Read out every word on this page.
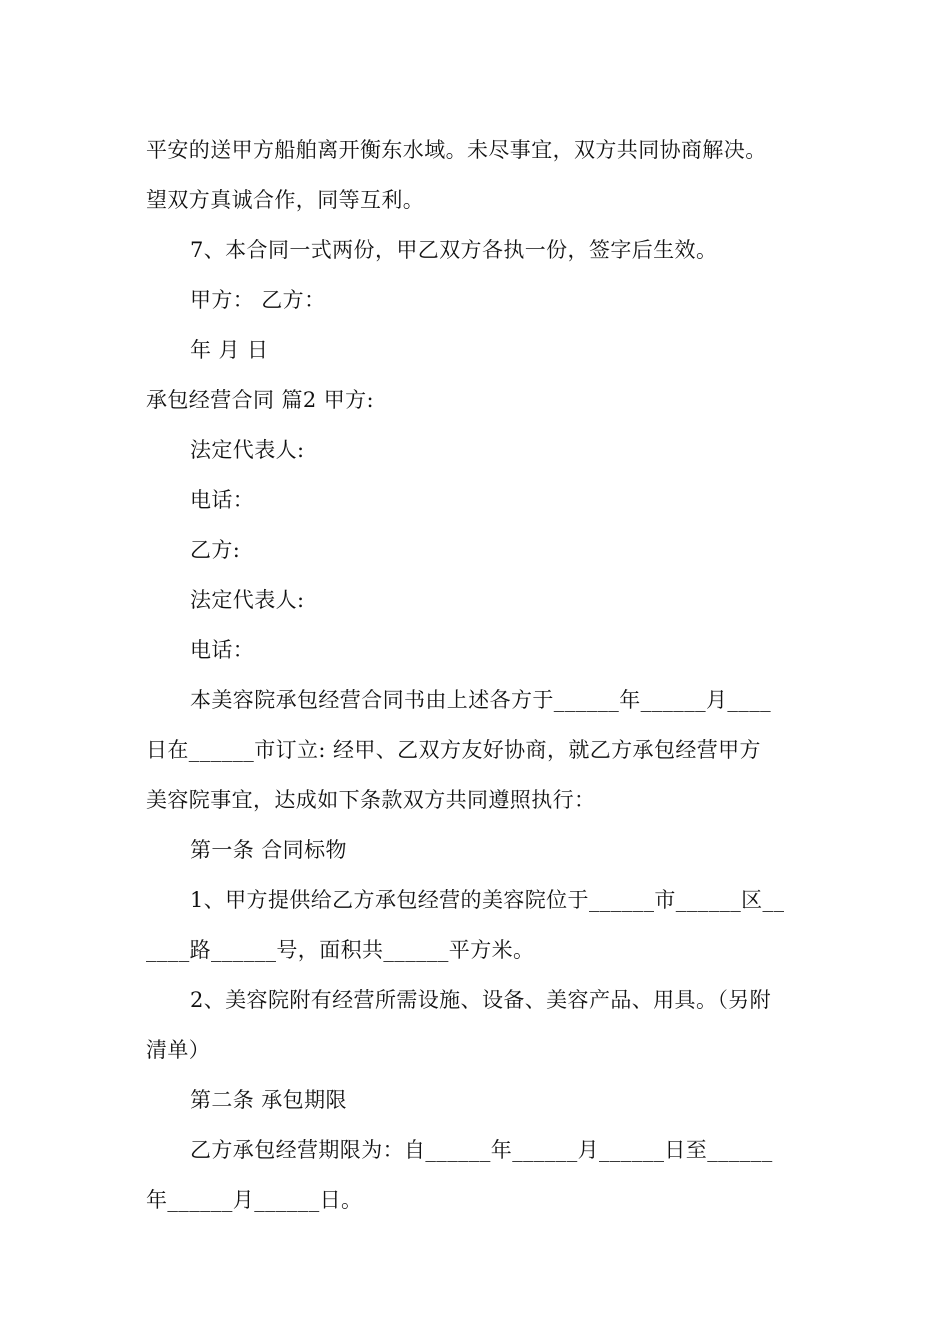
平安的送甲方船舶离开衡东水域。未尽事宜，双方共同协商解决。
望双方真诚合作，同等互利。
7、本合同一式两份，甲乙双方各执一份，签字后生效。
甲方： 乙方：
年 月 日
承包经营合同 篇2 甲方:
法定代表人:
电话：
乙方:
法定代表人:
电话：
本美容院承包经营合同书由上述各方于______年______月____
日在______市订立: 经甲、乙双方友好协商，就乙方承包经营甲方
美容院事宜，达成如下条款双方共同遵照执行：
第一条 合同标物
1、甲方提供给乙方承包经营的美容院位于______市______区__
____路______号，面积共______平方米。
2、美容院附有经营所需设施、设备、美容产品、用具。（另附
清单）
第二条 承包期限
乙方承包经营期限为：自______年______月______日至______
年______月______日。
